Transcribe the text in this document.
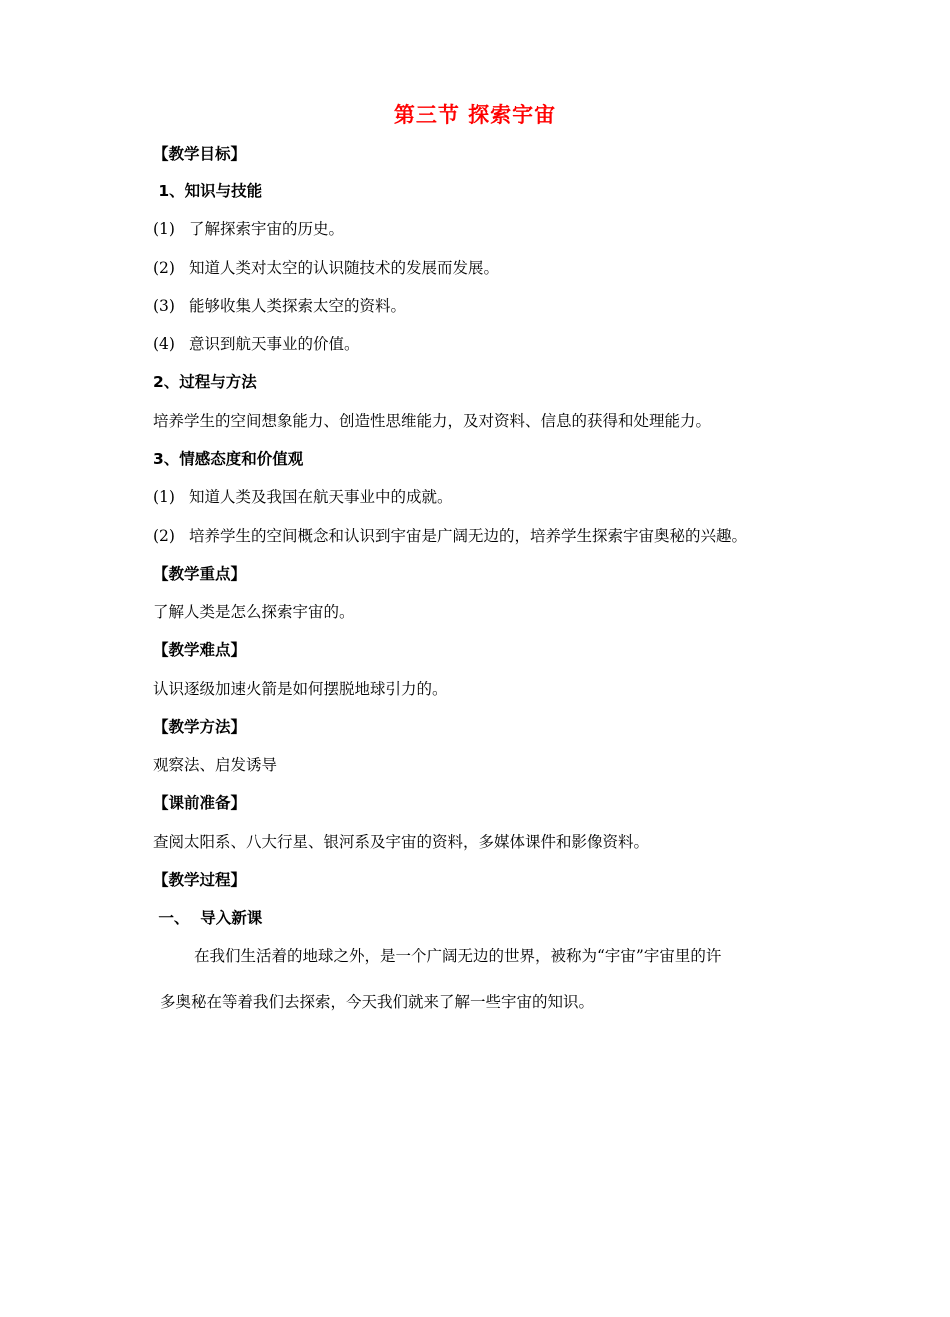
第三节 探索宇宙
【教学目标】
1、知识与技能
(1) 了解探索宇宙的历史。
(2) 知道人类对太空的认识随技术的发展而发展。
(3) 能够收集人类探索太空的资料。
(4) 意识到航天事业的价值。
2、过程与方法
培养学生的空间想象能力、创造性思维能力，及对资料、信息的获得和处理能力。
3、情感态度和价值观
(1) 知道人类及我国在航天事业中的成就。
(2) 培养学生的空间概念和认识到宇宙是广阔无边的，培养学生探索宇宙奥秘的兴趣。
【教学重点】
了解人类是怎么探索宇宙的。
【教学难点】
认识逐级加速火箭是如何摆脱地球引力的。
【教学方法】
观察法、启发诱导
【课前准备】
查阅太阳系、八大行星、银河系及宇宙的资料，多媒体课件和影像资料。
【教学过程】
一、  导入新课
在我们生活着的地球之外，是一个广阔无边的世界，被称为“宇宙”宇宙里的许
多奥秘在等着我们去探索，今天我们就来了解一些宇宙的知识。
